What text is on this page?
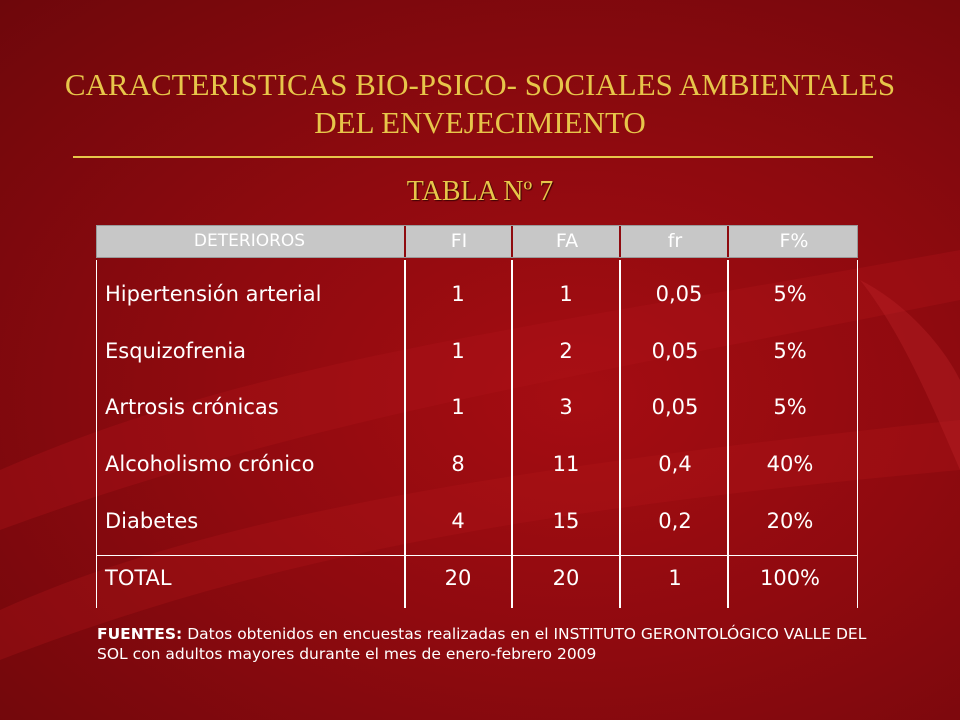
CARACTERISTICAS BIO-PSICO- SOCIALES AMBIENTALES
DEL ENVEJECIMIENTO
TABLA Nº 7
DETERIOROS	FI	FA	fr	F%
Hipertensión arterial	1	1	0,05	5%
Esquizofrenia	1	2	0,05	5%
Artrosis crónicas	1	3	0,05	5%
Alcoholismo crónico	8	11	0,4	40%
Diabetes	4	15	0,2	20%
TOTAL	20	20	1	100%
FUENTES: Datos obtenidos en encuestas realizadas en el INSTITUTO GERONTOLÓGICO VALLE DEL SOL con adultos mayores durante el mes de enero-febrero 2009
